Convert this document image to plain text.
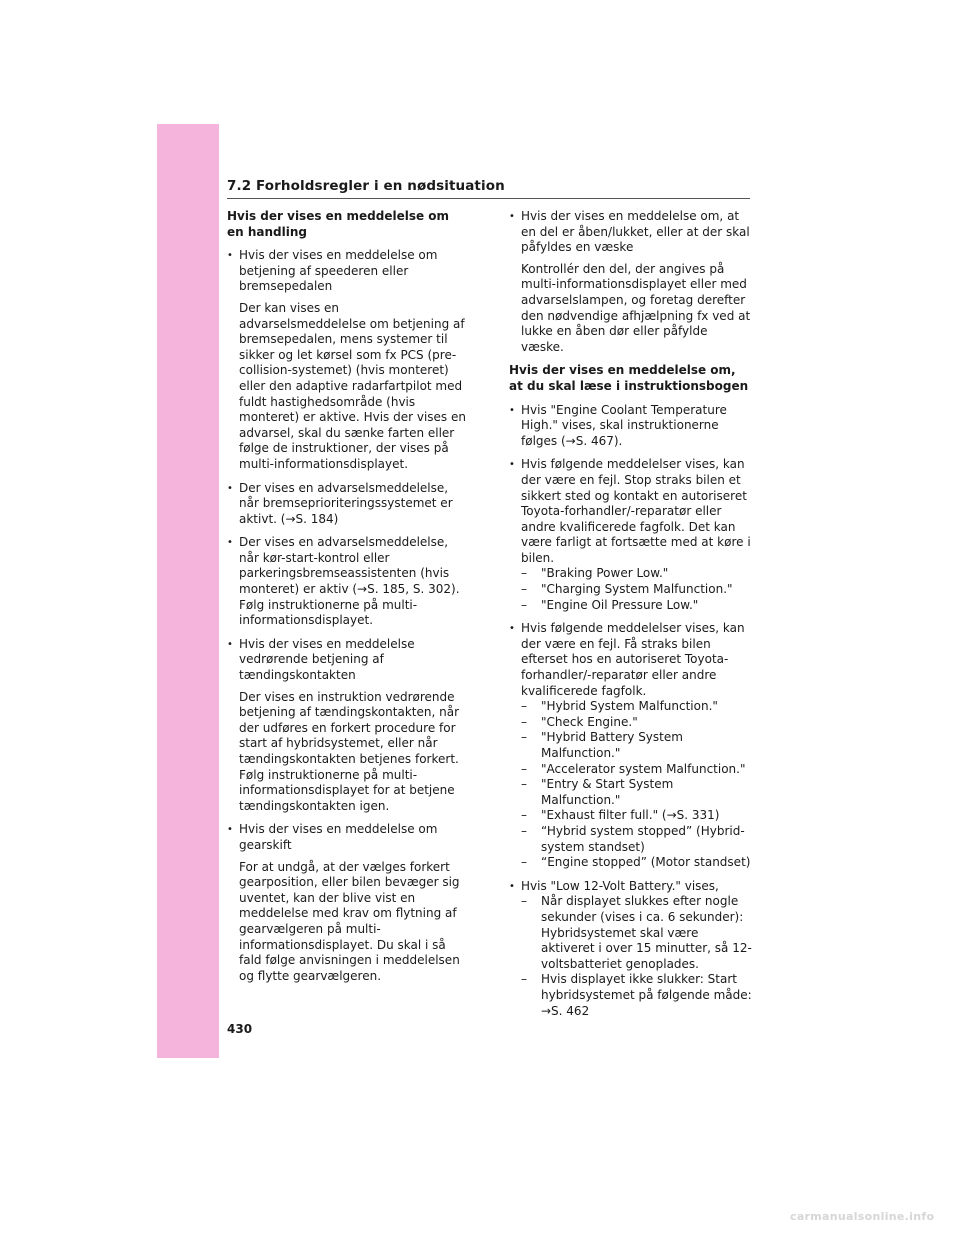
7.2 Forholdsregler i en nødsituation
Hvis der vises en meddelelse om en handling
• Hvis der vises en meddelelse om betjening af speederen eller bremsepedalen
Der kan vises en advarselsmeddelelse om betjening af bremsepedalen, mens systemer til sikker og let kørsel som fx PCS (pre-collision-systemet) (hvis monteret) eller den adaptive radarfartpilot med fuldt hastighedsområde (hvis monteret) er aktive. Hvis der vises en advarsel, skal du sænke farten eller følge de instruktioner, der vises på multi-informationsdisplayet.
• Der vises en advarselsmeddelelse, når bremseprioriteringssystemet er aktivt. (→S. 184)
• Der vises en advarselsmeddelelse, når kør-start-kontrol eller parkeringsbremseassistenten (hvis monteret) er aktiv (→S. 185, S. 302). Følg instruktionerne på multi-informationsdisplayet.
• Hvis der vises en meddelelse vedrørende betjening af tændingskontakten
Der vises en instruktion vedrørende betjening af tændingskontakten, når der udføres en forkert procedure for start af hybridsystemet, eller når tændingskontakten betjenes forkert. Følg instruktionerne på multi-informationsdisplayet for at betjene tændingskontakten igen.
• Hvis der vises en meddelelse om gearskift
For at undgå, at der vælges forkert gearposition, eller bilen bevæger sig uventet, kan der blive vist en meddelelse med krav om flytning af gearvælgeren på multi-informationsdisplayet. Du skal i så fald følge anvisningen i meddelelsen og flytte gearvælgeren.
• Hvis der vises en meddelelse om, at en del er åben/lukket, eller at der skal påfyldes en væske
Kontrollér den del, der angives på multi-informationsdisplayet eller med advarselslampen, og foretag derefter den nødvendige afhjælpning fx ved at lukke en åben dør eller påfylde væske.
Hvis der vises en meddelelse om, at du skal læse i instruktionsbogen
• Hvis "Engine Coolant Temperature High." vises, skal instruktionerne følges (→S. 467).
• Hvis følgende meddelelser vises, kan der være en fejl. Stop straks bilen et sikkert sted og kontakt en autoriseret Toyota-forhandler/-reparatør eller andre kvalificerede fagfolk. Det kan være farligt at fortsætte med at køre i bilen.
– "Braking Power Low."
– "Charging System Malfunction."
– "Engine Oil Pressure Low."
• Hvis følgende meddelelser vises, kan der være en fejl. Få straks bilen efterset hos en autoriseret Toyota-forhandler/-reparatør eller andre kvalificerede fagfolk.
– "Hybrid System Malfunction."
– "Check Engine."
– "Hybrid Battery System Malfunction."
– "Accelerator system Malfunction."
– "Entry & Start System Malfunction."
– "Exhaust filter full." (→S. 331)
– “Hybrid system stopped” (Hybrid-system standset)
– “Engine stopped” (Motor standset)
• Hvis "Low 12-Volt Battery." vises,
– Når displayet slukkes efter nogle sekunder (vises i ca. 6 sekunder): Hybridsystemet skal være aktiveret i over 15 minutter, så 12-voltsbatteriet genoplades.
– Hvis displayet ikke slukker: Start hybridsystemet på følgende måde: →S. 462
430
carmanualsonline.info
